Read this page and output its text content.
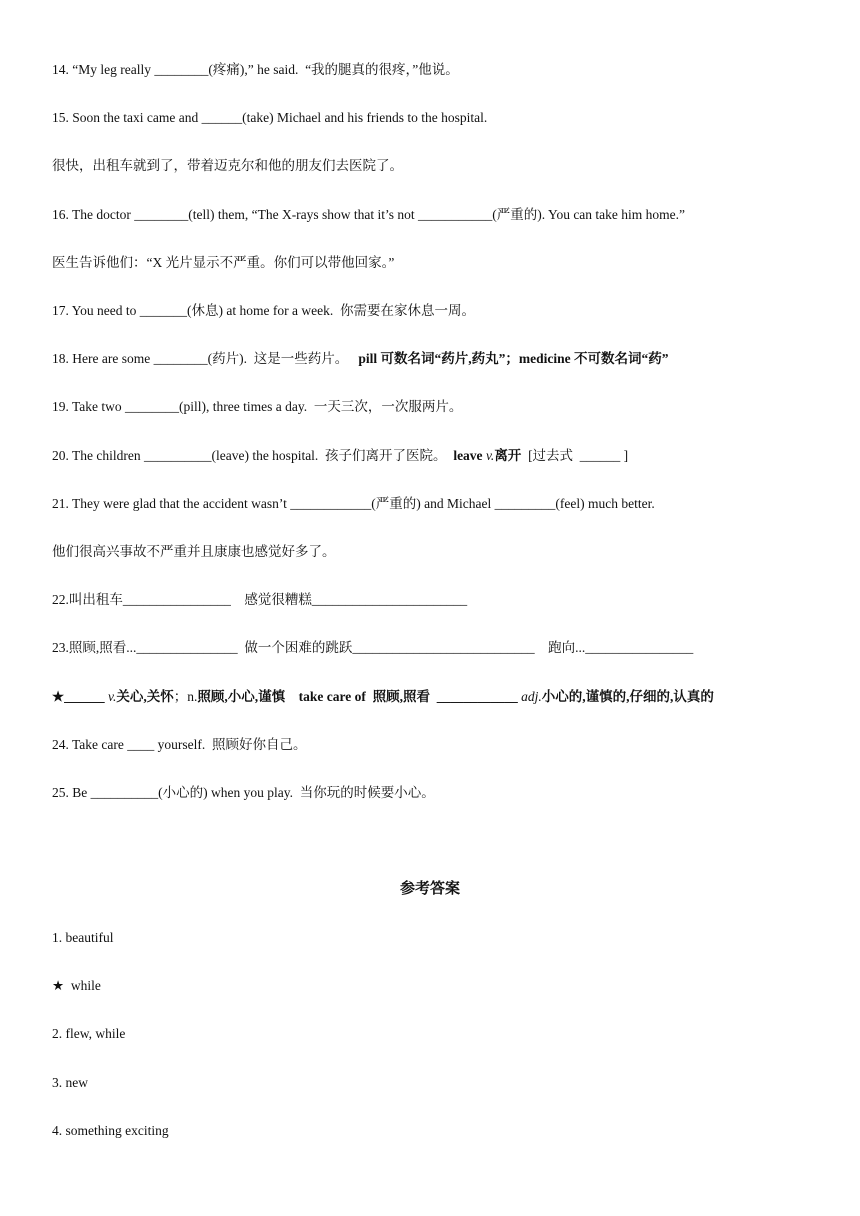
14. “My leg really ________(疼痛),” he said.  “我的腿真的很疼，”他说。
15. Soon the taxi came and ______(take) Michael and his friends to the hospital.
很快，出租车就到了，带着迈克尔和他的朋友们去医院了。
16. The doctor ________(tell) them, “The X-rays show that it’s not ___________(严重的). You can take him home.”
医生告诉他们：“X 光片显示不严重。你们可以带他回家。”
17. You need to _______(休息) at home for a week.  你需要在家休息一周。
18. Here are some ________(药片).  这是一些药片。   pill 可数名词“药片,药丸”；medicine 不可数名词“药”
19. Take two ________(pill), three times a day.  一天三次，一次服两片。
20. The children __________(leave) the hospital.  孩子们离开了医院。  leave v.离开  [过去式  ______ ]
21. They were glad that the accident wasn’t ____________(严重的) and Michael _________(feel) much better.
他们很高兴事故不严重并且康康也感觉好多了。
22.叫出租车________________    感觉很糟糕_______________________
23.照顾,照看..._______________  做一个困难的跳跃___________________________    跑向...________________
★______ v.关心,关怀；n.照顾,小心,谨慎    take care of  照顾,照看  ____________ adj.小心的,谨慎的,仔细的,认真的
24. Take care ____ yourself.  照顾好你自己。
25. Be __________(小心的) when you play.  当你玩的时候要小心。
参考答案
1. beautiful
★  while
2. flew, while
3. new
4. something exciting
